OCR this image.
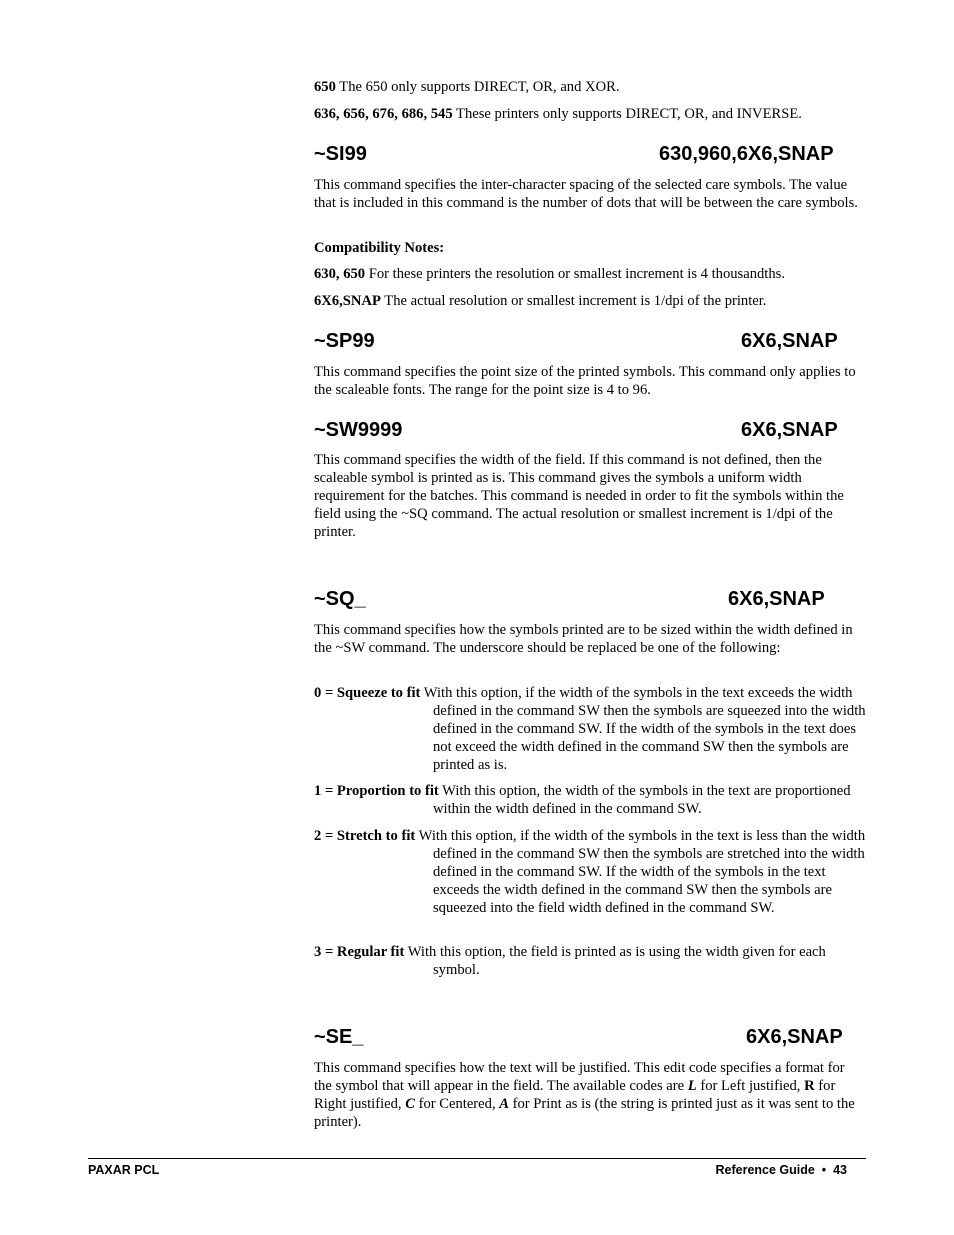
650 The 650 only supports DIRECT, OR, and XOR.

636, 656, 676, 686, 545 These printers only supports DIRECT, OR, and INVERSE.

~SI99	630,960,6X6,SNAP

This command specifies the inter-character spacing of the selected care symbols. The value that is included in this command is the number of dots that will be between the care symbols.

Compatibility Notes:

630, 650 For these printers the resolution or smallest increment is 4 thousandths.

6X6,SNAP The actual resolution or smallest increment is 1/dpi of the printer.

~SP99	6X6,SNAP

This command specifies the point size of the printed symbols. This command only applies to the scaleable fonts. The range for the point size is 4 to 96.

~SW9999	6X6,SNAP

This command specifies the width of the field. If this command is not defined, then the scaleable symbol is printed as is. This command gives the symbols a uniform width requirement for the batches. This command is needed in order to fit the symbols within the field using the ~SQ command. The actual resolution or smallest increment is 1/dpi of the printer.

~SQ_	6X6,SNAP

This command specifies how the symbols printed are to be sized within the width defined in the ~SW command. The underscore should be replaced be one of the following:

0 = Squeeze to fit With this option, if the width of the symbols in the text exceeds the width defined in the command SW then the symbols are squeezed into the width defined in the command SW. If the width of the symbols in the text does not exceed the width defined in the command SW then the symbols are printed as is.

1 = Proportion to fit With this option, the width of the symbols in the text are proportioned within the width defined in the command SW.

2 = Stretch to fit With this option, if the width of the symbols in the text is less than the width defined in the command SW then the symbols are stretched into the width defined in the command SW. If the width of the symbols in the text exceeds the width defined in the command SW then the symbols are squeezed into the field width defined in the command SW.

3 = Regular fit With this option, the field is printed as is using the width given for each symbol.

~SE_	6X6,SNAP

This command specifies how the text will be justified. This edit code specifies a format for the symbol that will appear in the field. The available codes are L for Left justified, R for Right justified, C for Centered, A for Print as is (the string is printed just as it was sent to the printer).

PAXAR PCL	Reference Guide  •  43
